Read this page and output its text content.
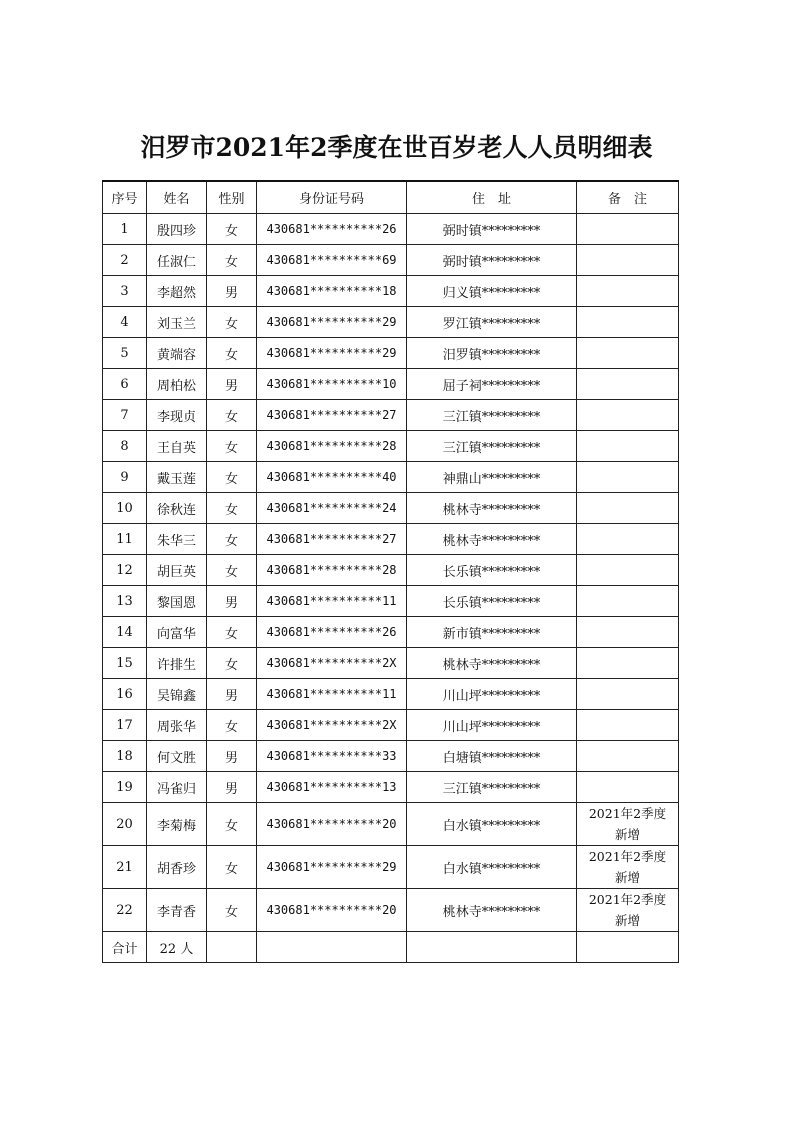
汨罗市2021年2季度在世百岁老人人员明细表
序号	姓名	性别	身份证号码	住　址	备　注
1	殷四珍	女	430681**********26	弼时镇*********	

2	任淑仁	女	430681**********69	弼时镇*********	

3	李超然	男	430681**********18	归义镇*********	

4	刘玉兰	女	430681**********29	罗江镇*********	

5	黄端容	女	430681**********29	汨罗镇*********	

6	周柏松	男	430681**********10	屈子祠*********	

7	李现贞	女	430681**********27	三江镇*********	

8	王自英	女	430681**********28	三江镇*********	

9	戴玉莲	女	430681**********40	神鼎山*********	

10	徐秋连	女	430681**********24	桃林寺*********	

11	朱华三	女	430681**********27	桃林寺*********	

12	胡巨英	女	430681**********28	长乐镇*********	

13	黎国恩	男	430681**********11	长乐镇*********	

14	向富华	女	430681**********26	新市镇*********	

15	许排生	女	430681**********2X	桃林寺*********	

16	吴锦鑫	男	430681**********11	川山坪*********	

17	周张华	女	430681**********2X	川山坪*********	

18	何文胜	男	430681**********33	白塘镇*********	

19	冯雀归	男	430681**********13	三江镇*********	

20	李菊梅	女	430681**********20	白水镇*********	2021年2季度
新增

21	胡香珍	女	430681**********29	白水镇*********	2021年2季度
新增

22	李青香	女	430681**********20	桃林寺*********	2021年2季度
新增

合计	22 人				
